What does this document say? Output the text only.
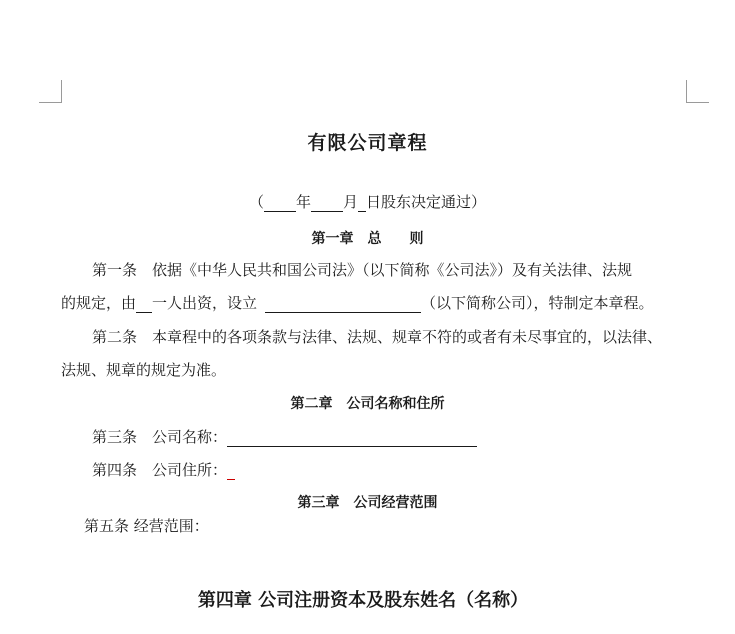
有限公司章程
（ 年 月 日股东决定通过）
第一章　总　　则
第一条　依据《中华人民共和国公司法》（以下简称《公司法》）及有关法律、法规
的规定，由 一人出资，设立	（以下简称公司），特制定本章程。
第二条　本章程中的各项条款与法律、法规、规章不符的或者有未尽事宜的，以法律、
法规、规章的规定为准。
第二章　公司名称和住所
第三条　公司名称：
第四条　公司住所：
第三章　公司经营范围
第五条 经营范围：
第四章 公司注册资本及股东姓名（名称）
